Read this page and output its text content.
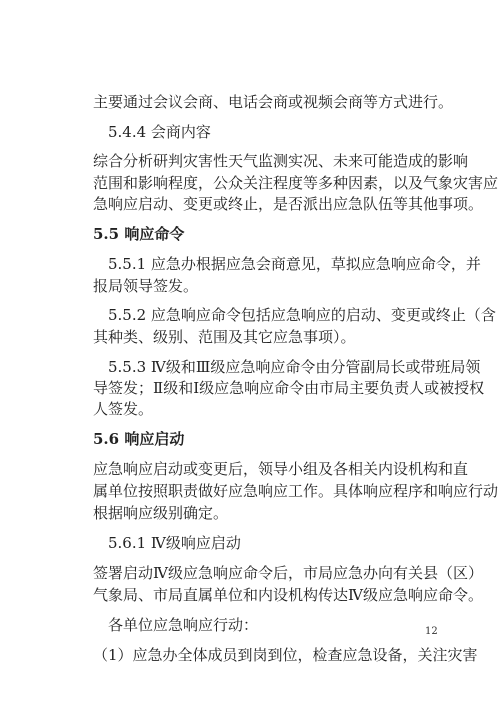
主要通过会议会商、电话会商或视频会商等方式进行。
5.4.4 会商内容
综合分析研判灾害性天气监测实况、未来可能造成的影响
范围和影响程度，公众关注程度等多种因素，以及气象灾害应
急响应启动、变更或终止，是否派出应急队伍等其他事项。
5.5 响应命令
5.5.1 应急办根据应急会商意见，草拟应急响应命令，并
报局领导签发。
5.5.2 应急响应命令包括应急响应的启动、变更或终止（含
其种类、级别、范围及其它应急事项）。
5.5.3 Ⅳ级和Ⅲ级应急响应命令由分管副局长或带班局领
导签发；Ⅱ级和Ⅰ级应急响应命令由市局主要负责人或被授权
人签发。
5.6 响应启动
应急响应启动或变更后，领导小组及各相关内设机构和直
属单位按照职责做好应急响应工作。具体响应程序和响应行动
根据响应级别确定。
5.6.1 Ⅳ级响应启动
签署启动Ⅳ级应急响应命令后，市局应急办向有关县（区）
气象局、市局直属单位和内设机构传达Ⅳ级应急响应命令。
各单位应急响应行动：
（1）应急办全体成员到岗到位，检查应急设备，关注灾害
12
